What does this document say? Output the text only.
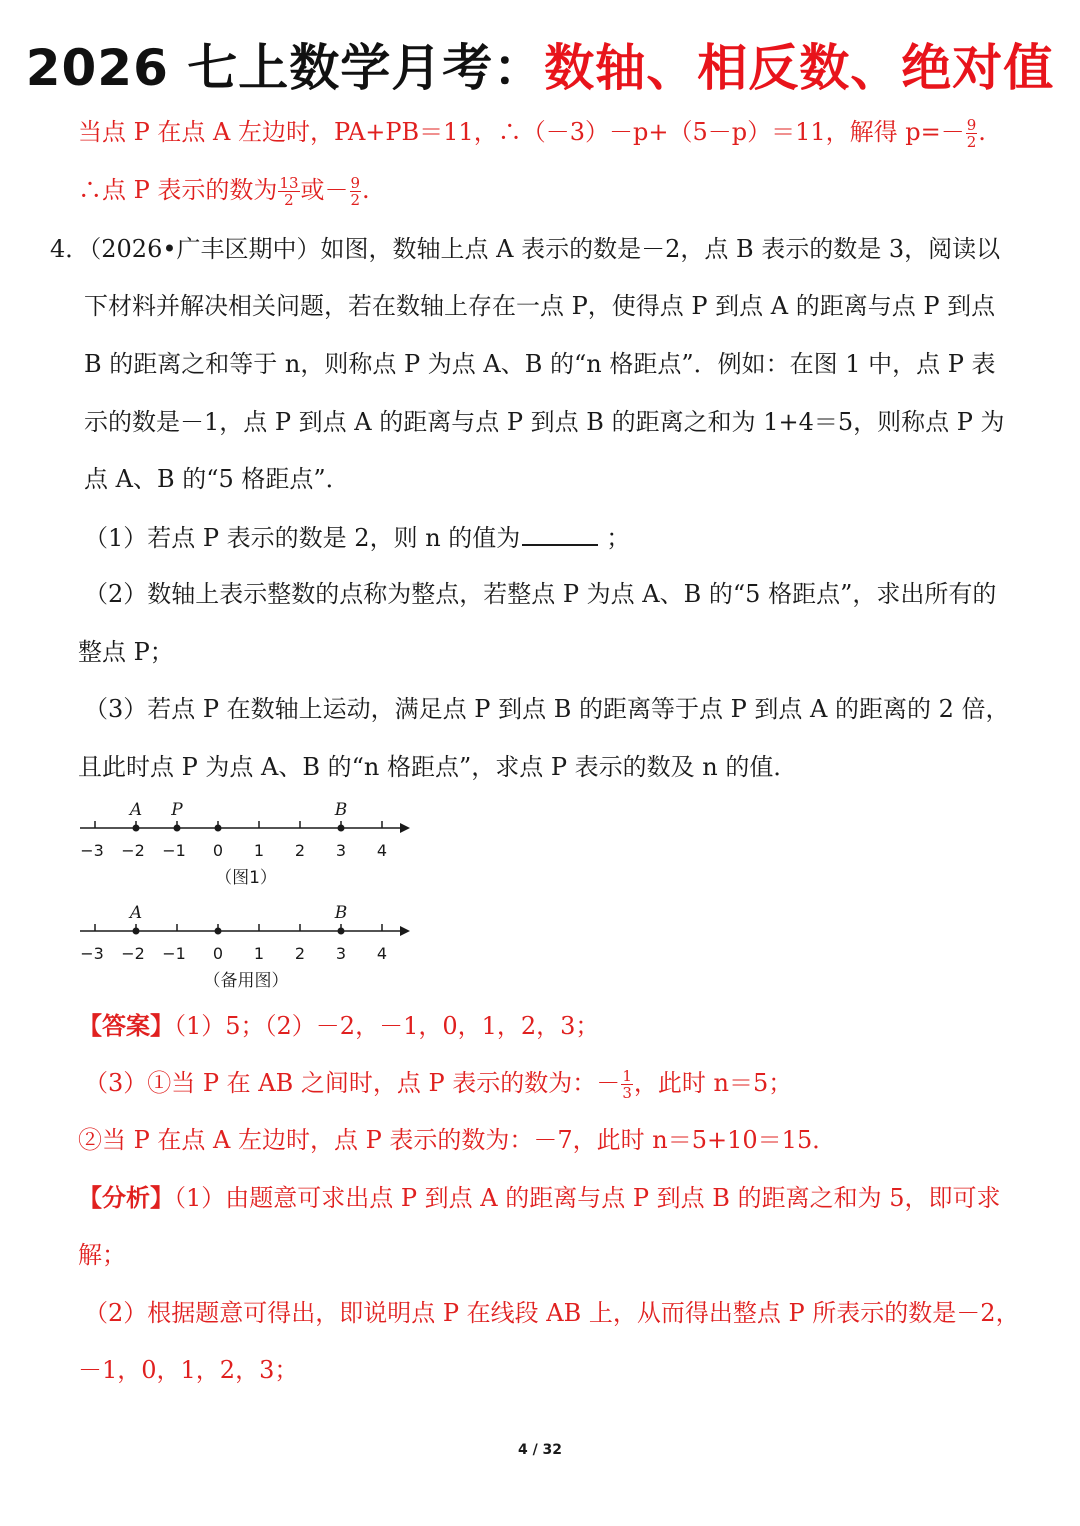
2026 七上数学月考：数轴、相反数、绝对值
当点 P 在点 A 左边时，PA+PB＝11，∴（－3）－p+（5－p）＝11，解得 $p=- \frac{9}{2}$ .
∴点 P 表示的数为 $\frac{13}{2}$ 或－ $\frac{9}{2}$ .
4．（2026•广丰区期中）如图，数轴上点 A 表示的数是－2，点 B 表示的数是 3，阅读以
下材料并解决相关问题，若在数轴上存在一点 P，使得点 P 到点 A 的距离与点 P 到点
B 的距离之和等于 n，则称点 P 为点 A、B 的“n 格距点”．例如：在图 1 中，点 P 表
示的数是－1，点 P 到点 A 的距离与点 P 到点 B 的距离之和为 1+4＝5，则称点 P 为
点 A、B 的“5 格距点”．
（1）若点 P 表示的数是 2，则 n 的值为	；
（2）数轴上表示整数的点称为整点，若整点 P 为点 A、B 的“5 格距点”，求出所有的
整点 P；
（3）若点 P 在数轴上运动，满足点 P 到点 B 的距离等于点 P 到点 A 的距离的 2 倍，
且此时点 P 为点 A、B 的“n 格距点”，求点 P 表示的数及 n 的值．
A P	B
−3 −2 −1 0 1 2 3 4
（图1）
A	B
−3 −2 −1 0 1 2 3 4
（备用图）
【答案】（1）5；（2）－2，－1，0，1，2，3；
（3）①当 P 在 AB 之间时，点 P 表示的数为：－ $\frac{1}{3}$ ，此时 n＝5；
②当 P 在点 A 左边时，点 P 表示的数为：－7，此时 n＝5+10＝15．
【分析】（1）由题意可求出点 P 到点 A 的距离与点 P 到点 B 的距离之和为 5，即可求
解；
（2）根据题意可得出，即说明点 P 在线段 AB 上，从而得出整点 P 所表示的数是－2，
－1，0，1，2，3；
4 / 32
